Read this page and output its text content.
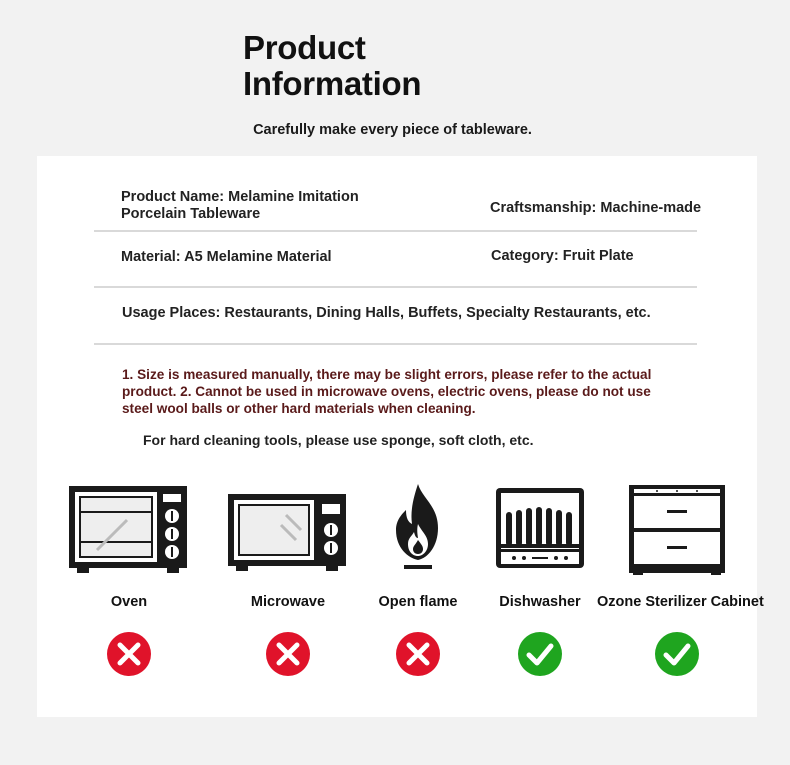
Product
Information
Carefully make every piece of tableware.
Product Name: Melamine Imitation
Porcelain Tableware	Craftsmanship: Machine-made
Material: A5 Melamine Material	Category: Fruit Plate
Usage Places: Restaurants, Dining Halls, Buffets, Specialty Restaurants, etc.
1. Size is measured manually, there may be slight errors, please refer to the actual product. 2. Cannot be used in microwave ovens, electric ovens, please do not use steel wool balls or other hard materials when cleaning.
For hard cleaning tools, please use sponge, soft cloth, etc.
Oven	Microwave	Open flame	Dishwasher	Ozone Sterilizer Cabinet
